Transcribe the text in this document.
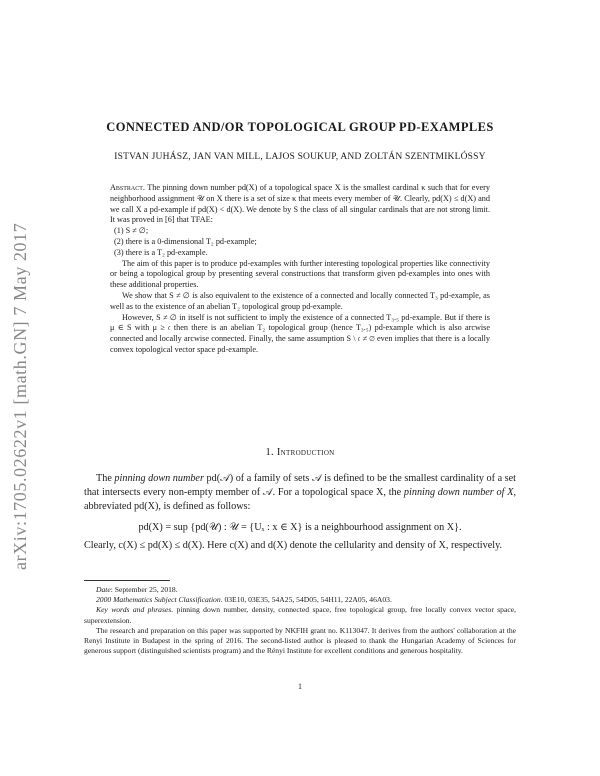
arXiv:1705.02622v1 [math.GN] 7 May 2017
CONNECTED AND/OR TOPOLOGICAL GROUP PD-EXAMPLES
ISTVAN JUHÁSZ, JAN VAN MILL, LAJOS SOUKUP, AND ZOLTÁN SZENTMIKLÓSSY

Abstract. The pinning down number pd(X) of a topological space X is the smallest cardinal κ such that for every neighborhood assignment 𝒰 on X there is a set of size κ that meets every member of 𝒰. Clearly, pd(X) ≤ d(X) and we call X a pd-example if pd(X) < d(X). We denote by S the class of all singular cardinals that are not strong limit. It was proved in [6] that TFAE:

(1) S ≠ ∅;
(2) there is a 0-dimensional T₂ pd-example;
(3) there is a T₂ pd-example.

The aim of this paper is to produce pd-examples with further interesting topological properties like connectivity or being a topological group by presenting several constructions that transform given pd-examples into ones with these additional properties.

We show that S ≠ ∅ is also equivalent to the existence of a connected and locally connected T₃ pd-example, as well as to the existence of an abelian T₂ topological group pd-example.

However, S ≠ ∅ in itself is not sufficient to imply the existence of a connected T₃.₅ pd-example. But if there is μ ∈ S with μ ≥ 𝔠 then there is an abelian T₂ topological group (hence T₃.₅) pd-example which is also arcwise connected and locally arcwise connected. Finally, the same assumption S \ 𝔠 ≠ ∅ even implies that there is a locally convex topological vector space pd-example.

1. Introduction

The pinning down number pd(𝒜) of a family of sets 𝒜 is defined to be the smallest cardinality of a set that intersects every non-empty member of 𝒜. For a topological space X, the pinning down number of X, abbreviated pd(X), is defined as follows:

pd(X) = sup {pd(𝒰) : 𝒰 = {Uₓ : x ∈ X} is a neighbourhood assignment on X}.

Clearly, c(X) ≤ pd(X) ≤ d(X). Here c(X) and d(X) denote the cellularity and density of X, respectively.

Date: September 25, 2018.

2000 Mathematics Subject Classification. 03E10, 03E35, 54A25, 54D05, 54H11, 22A05, 46A03.

Key words and phrases. pinning down number, density, connected space, free topological group, free locally convex vector space, superextension.

The research and preparation on this paper was supported by NKFIH grant no. K113047. It derives from the authors' collaboration at the Renyi Institute in Budapest in the spring of 2016. The second-listed author is pleased to thank the Hungarian Academy of Sciences for generous support (distinguished scientists program) and the Rényi Institute for excellent conditions and generous hospitality.

1
